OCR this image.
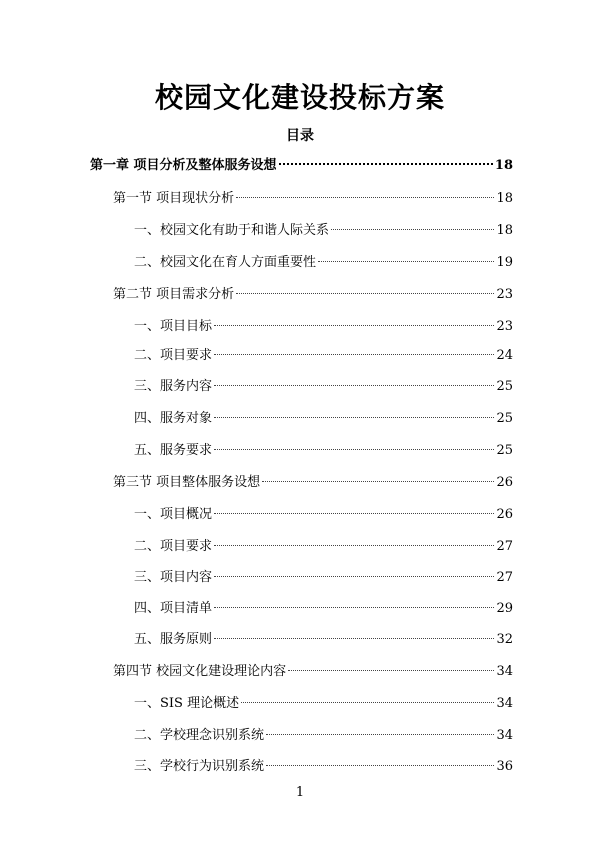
校园文化建设投标方案
目录
第一章 项目分析及整体服务设想	18
第一节 项目现状分析	18
一、校园文化有助于和谐人际关系	18
二、校园文化在育人方面重要性	19
第二节 项目需求分析	23
一、项目目标	23
二、项目要求	24
三、服务内容	25
四、服务对象	25
五、服务要求	25
第三节 项目整体服务设想	26
一、项目概况	26
二、项目要求	27
三、项目内容	27
四、项目清单	29
五、服务原则	32
第四节 校园文化建设理论内容	34
一、SIS 理论概述	34
二、学校理念识别系统	34
三、学校行为识别系统	36
1
